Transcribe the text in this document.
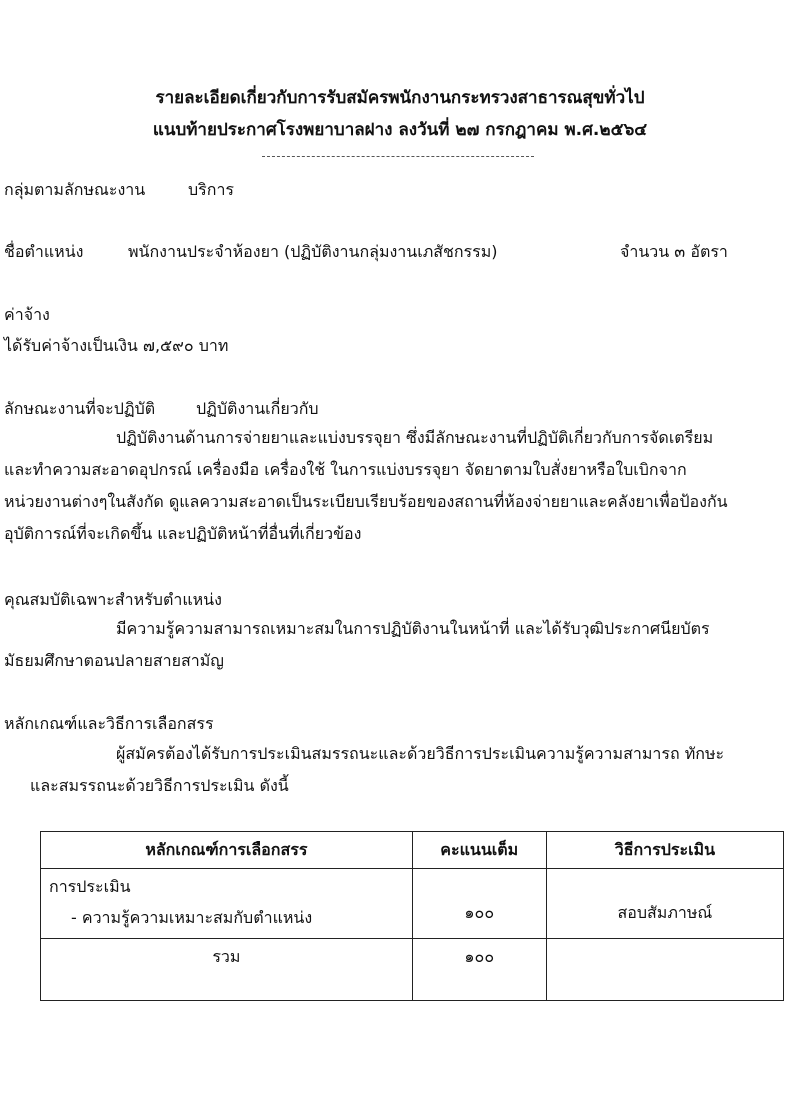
รายละเอียดเกี่ยวกับการรับสมัครพนักงานกระทรวงสาธารณสุขทั่วไป
แนบท้ายประกาศโรงพยาบาลฝาง ลงวันที่ ๒๗ กรกฎาคม พ.ศ.๒๕๖๔
กลุ่มตามลักษณะงาน	บริการ
ชื่อตำแหน่ง	พนักงานประจำห้องยา (ปฏิบัติงานกลุ่มงานเภสัชกรรม)	จำนวน ๓ อัตรา
ค่าจ้าง
ได้รับค่าจ้างเป็นเงิน ๗,๕๙๐ บาท
ลักษณะงานที่จะปฏิบัติ	ปฏิบัติงานเกี่ยวกับ
ปฏิบัติงานด้านการจ่ายยาและแบ่งบรรจุยา ซึ่งมีลักษณะงานที่ปฏิบัติเกี่ยวกับการจัดเตรียม
และทำความสะอาดอุปกรณ์ เครื่องมือ เครื่องใช้ ในการแบ่งบรรจุยา จัดยาตามใบสั่งยาหรือใบเบิกจาก
หน่วยงานต่างๆในสังกัด ดูแลความสะอาดเป็นระเบียบเรียบร้อยของสถานที่ห้องจ่ายยาและคลังยาเพื่อป้องกัน
อุบัติการณ์ที่จะเกิดขึ้น และปฏิบัติหน้าที่อื่นที่เกี่ยวข้อง
คุณสมบัติเฉพาะสำหรับตำแหน่ง
มีความรู้ความสามารถเหมาะสมในการปฏิบัติงานในหน้าที่ และได้รับวุฒิประกาศนียบัตร
มัธยมศึกษาตอนปลายสายสามัญ
หลักเกณฑ์และวิธีการเลือกสรร
ผู้สมัครต้องได้รับการประเมินสมรรถนะและด้วยวิธีการประเมินความรู้ความสามารถ ทักษะ
และสมรรถนะด้วยวิธีการประเมิน ดังนี้
หลักเกณฑ์การเลือกสรร	คะแนนเต็ม	วิธีการประเมิน
การประเมิน
- ความรู้ความเหมาะสมกับตำแหน่ง	๑๐๐	สอบสัมภาษณ์
รวม	๑๐๐	
